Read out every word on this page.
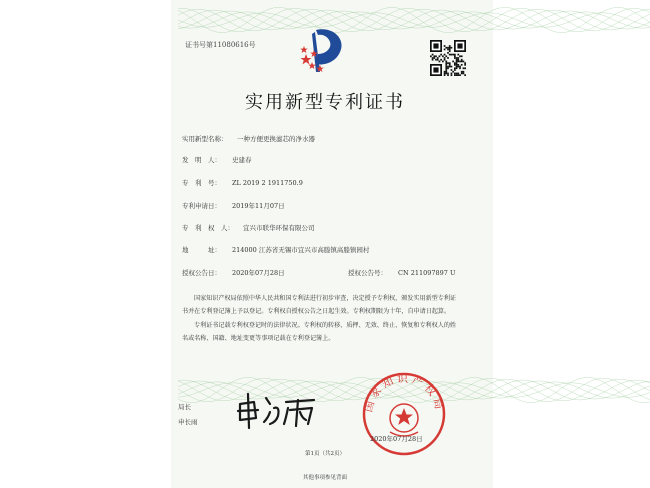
证书号第11080616号
实用新型专利证书
实用新型名称： 一种方便更换滤芯的净水器
发　明　人： 史建春
专　利　号： ZL 2019 2 1911750.9
专利申请日： 2019年11月07日
专　利　权　人： 宜兴市联华环保有限公司
地　　　址： 214000 江苏省无锡市宜兴市高塍镇高塍镇园村
授权公告日： 2020年07月28日	授权公告号： CN 211097897 U
国家知识产权局依照中华人民共和国专利法进行初步审查，决定授予专利权，颁发实用新型专利证书并在专利登记簿上予以登记。专利权自授权公告之日起生效。专利权期限为十年，自申请日起算。
专利证书记载专利权登记时的法律状况。专利权的转移、质押、无效、终止、恢复和专利权人的姓名或名称、国籍、地址变更等事项记载在专利登记簿上。
局长
申长雨
国家知识产权局
2020年07月28日
第1页（共2页）
其他事项参见背面
